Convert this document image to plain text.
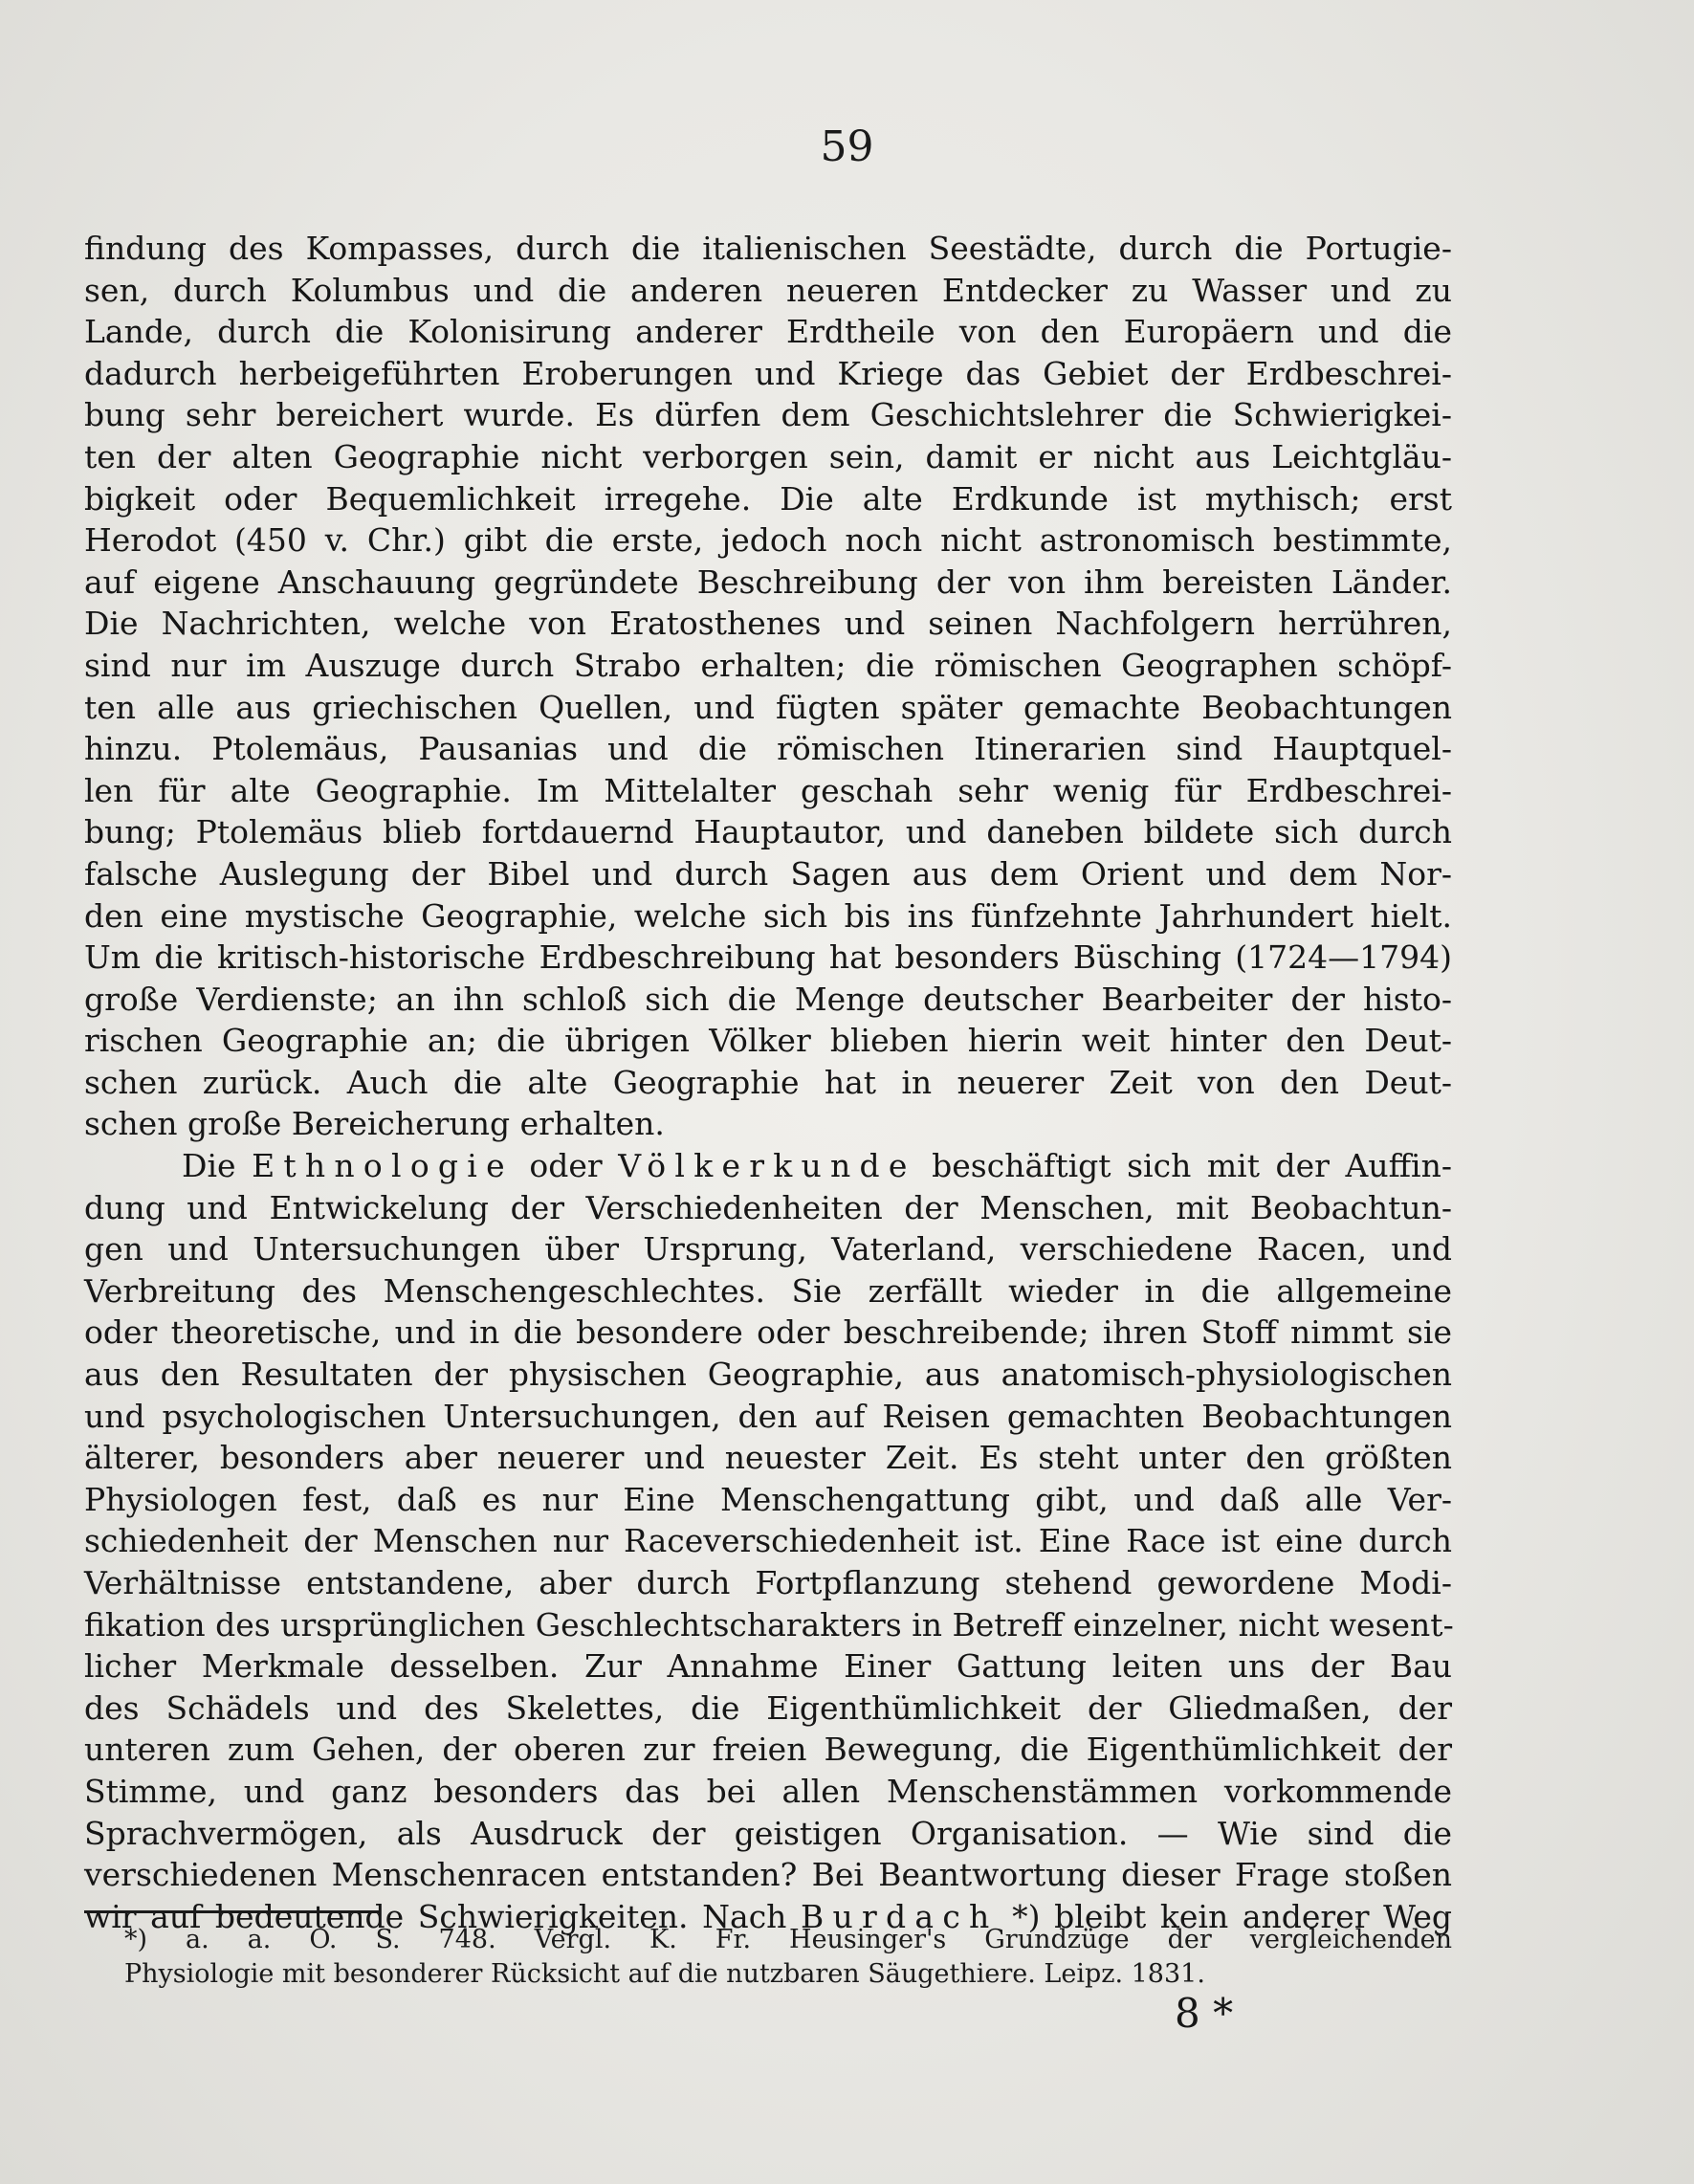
59
findung des Kompasses, durch die italienischen Seestädte, durch die Portugie-
sen, durch Kolumbus und die anderen neueren Entdecker zu Wasser und zu
Lande, durch die Kolonisirung anderer Erdtheile von den Europäern und die
dadurch herbeigeführten Eroberungen und Kriege das Gebiet der Erdbeschrei-
bung sehr bereichert wurde. Es dürfen dem Geschichtslehrer die Schwierigkei-
ten der alten Geographie nicht verborgen sein, damit er nicht aus Leichtgläu-
bigkeit oder Bequemlichkeit irregehe. Die alte Erdkunde ist mythisch; erst
Herodot (450 v. Chr.) gibt die erste, jedoch noch nicht astronomisch bestimmte,
auf eigene Anschauung gegründete Beschreibung der von ihm bereisten Länder.
Die Nachrichten, welche von Eratosthenes und seinen Nachfolgern herrühren,
sind nur im Auszuge durch Strabo erhalten; die römischen Geographen schöpf-
ten alle aus griechischen Quellen, und fügten später gemachte Beobachtungen
hinzu. Ptolemäus, Pausanias und die römischen Itinerarien sind Hauptquel-
len für alte Geographie. Im Mittelalter geschah sehr wenig für Erdbeschrei-
bung; Ptolemäus blieb fortdauernd Hauptautor, und daneben bildete sich durch
falsche Auslegung der Bibel und durch Sagen aus dem Orient und dem Nor-
den eine mystische Geographie, welche sich bis ins fünfzehnte Jahrhundert hielt.
Um die kritisch-historische Erdbeschreibung hat besonders Büsching (1724—1794)
große Verdienste; an ihn schloß sich die Menge deutscher Bearbeiter der histo-
rischen Geographie an; die übrigen Völker blieben hierin weit hinter den Deut-
schen zurück. Auch die alte Geographie hat in neuerer Zeit von den Deut-
schen große Bereicherung erhalten.
Die Ethnologie oder Völkerkunde beschäftigt sich mit der Auffin-
dung und Entwickelung der Verschiedenheiten der Menschen, mit Beobachtun-
gen und Untersuchungen über Ursprung, Vaterland, verschiedene Racen, und
Verbreitung des Menschengeschlechtes. Sie zerfällt wieder in die allgemeine
oder theoretische, und in die besondere oder beschreibende; ihren Stoff nimmt sie
aus den Resultaten der physischen Geographie, aus anatomisch-physiologischen
und psychologischen Untersuchungen, den auf Reisen gemachten Beobachtungen
älterer, besonders aber neuerer und neuester Zeit. Es steht unter den größten
Physiologen fest, daß es nur Eine Menschengattung gibt, und daß alle Ver-
schiedenheit der Menschen nur Raceverschiedenheit ist. Eine Race ist eine durch
Verhältnisse entstandene, aber durch Fortpflanzung stehend gewordene Modi-
fikation des ursprünglichen Geschlechtscharakters in Betreff einzelner, nicht wesent-
licher Merkmale desselben. Zur Annahme Einer Gattung leiten uns der Bau
des Schädels und des Skelettes, die Eigenthümlichkeit der Gliedmaßen, der
unteren zum Gehen, der oberen zur freien Bewegung, die Eigenthümlichkeit der
Stimme, und ganz besonders das bei allen Menschenstämmen vorkommende
Sprachvermögen, als Ausdruck der geistigen Organisation. — Wie sind die
verschiedenen Menschenracen entstanden? Bei Beantwortung dieser Frage stoßen
wir auf bedeutende Schwierigkeiten. Nach Burdach *) bleibt kein anderer Weg
*) a. a. O. S. 748. Vergl. K. Fr. Heusinger's Grundzüge der vergleichenden
Physiologie mit besonderer Rücksicht auf die nutzbaren Säugethiere. Leipz. 1831.
8 *
